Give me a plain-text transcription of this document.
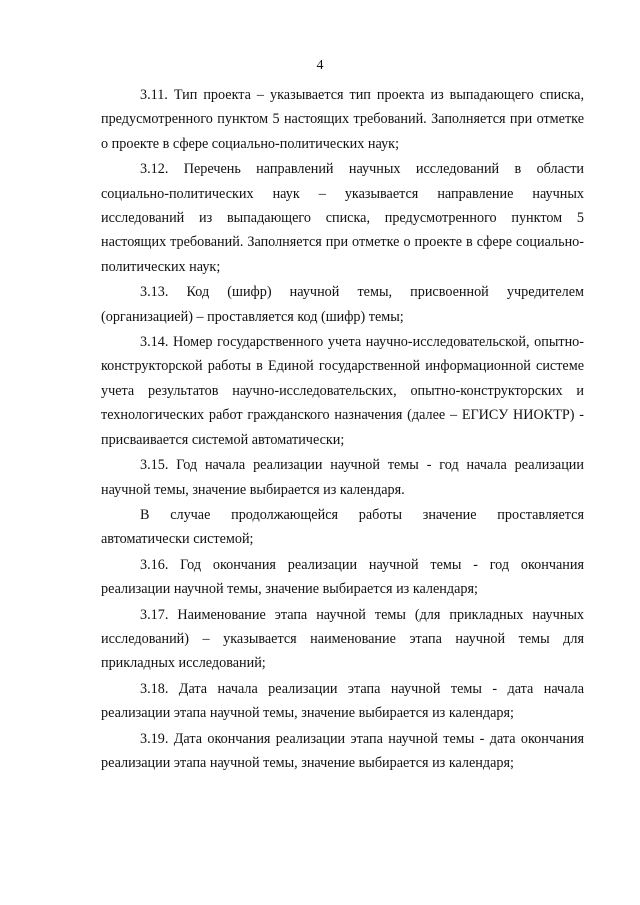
4

3.11. Тип проекта – указывается тип проекта из выпадающего списка, предусмотренного пунктом 5 настоящих требований. Заполняется при отметке о проекте в сфере социально-политических наук;

3.12. Перечень направлений научных исследований в области социально-политических наук – указывается направление научных исследований из выпадающего списка, предусмотренного пунктом 5 настоящих требований. Заполняется при отметке о проекте в сфере социально-политических наук;

3.13. Код (шифр) научной темы, присвоенной учредителем (организацией) – проставляется код (шифр) темы;

3.14. Номер государственного учета научно-исследовательской, опытно-конструкторской работы в Единой государственной информационной системе учета результатов научно-исследовательских, опытно-конструкторских и технологических работ гражданского назначения (далее – ЕГИСУ НИОКТР) - присваивается системой автоматически;

3.15. Год начала реализации научной темы - год начала реализации научной темы, значение выбирается из календаря.

В случае продолжающейся работы значение проставляется автоматически системой;

3.16. Год окончания реализации научной темы - год окончания реализации научной темы, значение выбирается из календаря;

3.17. Наименование этапа научной темы (для прикладных научных исследований) – указывается наименование этапа научной темы для прикладных исследований;

3.18. Дата начала реализации этапа научной темы - дата начала реализации этапа научной темы, значение выбирается из календаря;

3.19. Дата окончания реализации этапа научной темы - дата окончания реализации этапа научной темы, значение выбирается из календаря;
